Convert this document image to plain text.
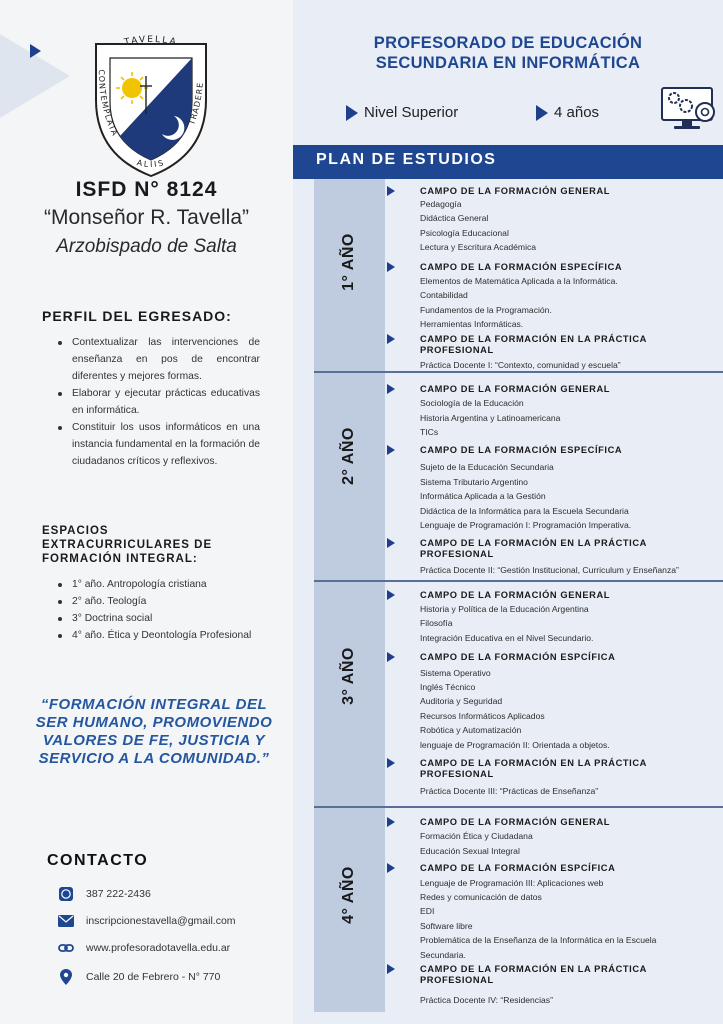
TAVELLA
CONTEMPLATA
TRADERE
ALIIS
ISFD N° 8124
“Monseñor R. Tavella”
Arzobispado de Salta
PERFIL DEL EGRESADO:
Contextualizar las intervenciones de enseñanza en pos de encontrar diferentes y mejores formas.
Elaborar y ejecutar prácticas educativas en informática.
Constituir los usos informáticos en una instancia fundamental en la formación de ciudadanos críticos y reflexivos.
ESPACIOS EXTRACURRICULARES DE FORMACIÓN INTEGRAL:
1° año. Antropología cristiana
2° año. Teología
3° Doctrina social
4° año. Ética y Deontología Profesional
“FORMACIÓN INTEGRAL DEL SER HUMANO, PROMOVIENDO VALORES DE FE, JUSTICIA Y SERVICIO A LA COMUNIDAD.”
CONTACTO
387 222-2436
inscripcionestavella@gmail.com
www.profesoradotavella.edu.ar
Calle 20 de Febrero - N° 770
PROFESORADO DE EDUCACIÓN
SECUNDARIA EN INFORMÁTICA
Nivel Superior	4 años
PLAN DE ESTUDIOS
1° AÑO
2° AÑO
3° AÑO
4° AÑO
CAMPO DE LA FORMACIÓN GENERAL
Pedagogía
Didáctica General
Psicología Educacional
Lectura y Escritura Académica
CAMPO DE LA FORMACIÓN ESPECÍFICA
Elementos de Matemática Aplicada a la Informática.
Contabilidad
Fundamentos de la Programación.
Herramientas Informáticas.
CAMPO DE LA FORMACIÓN EN LA PRÁCTICA PROFESIONAL
Práctica Docente I: “Contexto, comunidad y escuela”
CAMPO DE LA FORMACIÓN GENERAL
Sociología de la Educación
Historia Argentina y Latinoamericana
TICs
CAMPO DE LA FORMACIÓN ESPECÍFICA
Sujeto de la Educación Secundaria
Sistema Tributario Argentino
Informática Aplicada a la Gestión
Didáctica de la Informática para la Escuela Secundaria
Lenguaje de Programación I: Programación Imperativa.
CAMPO DE LA FORMACIÓN EN LA PRÁCTICA PROFESIONAL
Práctica Docente II: “Gestión Institucional, Curriculum y Enseñanza”
CAMPO DE LA FORMACIÓN GENERAL
Historia y Política de la Educación Argentina
Filosofía
Integración Educativa en el Nivel Secundario.
CAMPO DE LA FORMACIÓN ESPCÍFICA
Sistema Operativo
Inglés Técnico
Auditoria y Seguridad
Recursos Informáticos Aplicados
Robótica y Automatización
lenguaje de Programación II: Orientada a objetos.
CAMPO DE LA FORMACIÓN EN LA PRÁCTICA PROFESIONAL
Práctica Docente III: “Prácticas de Enseñanza”
CAMPO DE LA FORMACIÓN GENERAL
Formación Ética y Ciudadana
Educación Sexual Integral
CAMPO DE LA FORMACIÓN ESPCÍFICA
Lenguaje de Programación III: Aplicaciones web
Redes y comunicación de datos
EDI
Software libre
Problemática de la Enseñanza de la Informática en la Escuela
Secundaria.
CAMPO DE LA FORMACIÓN EN LA PRÁCTICA PROFESIONAL
Práctica Docente IV: “Residencias”
